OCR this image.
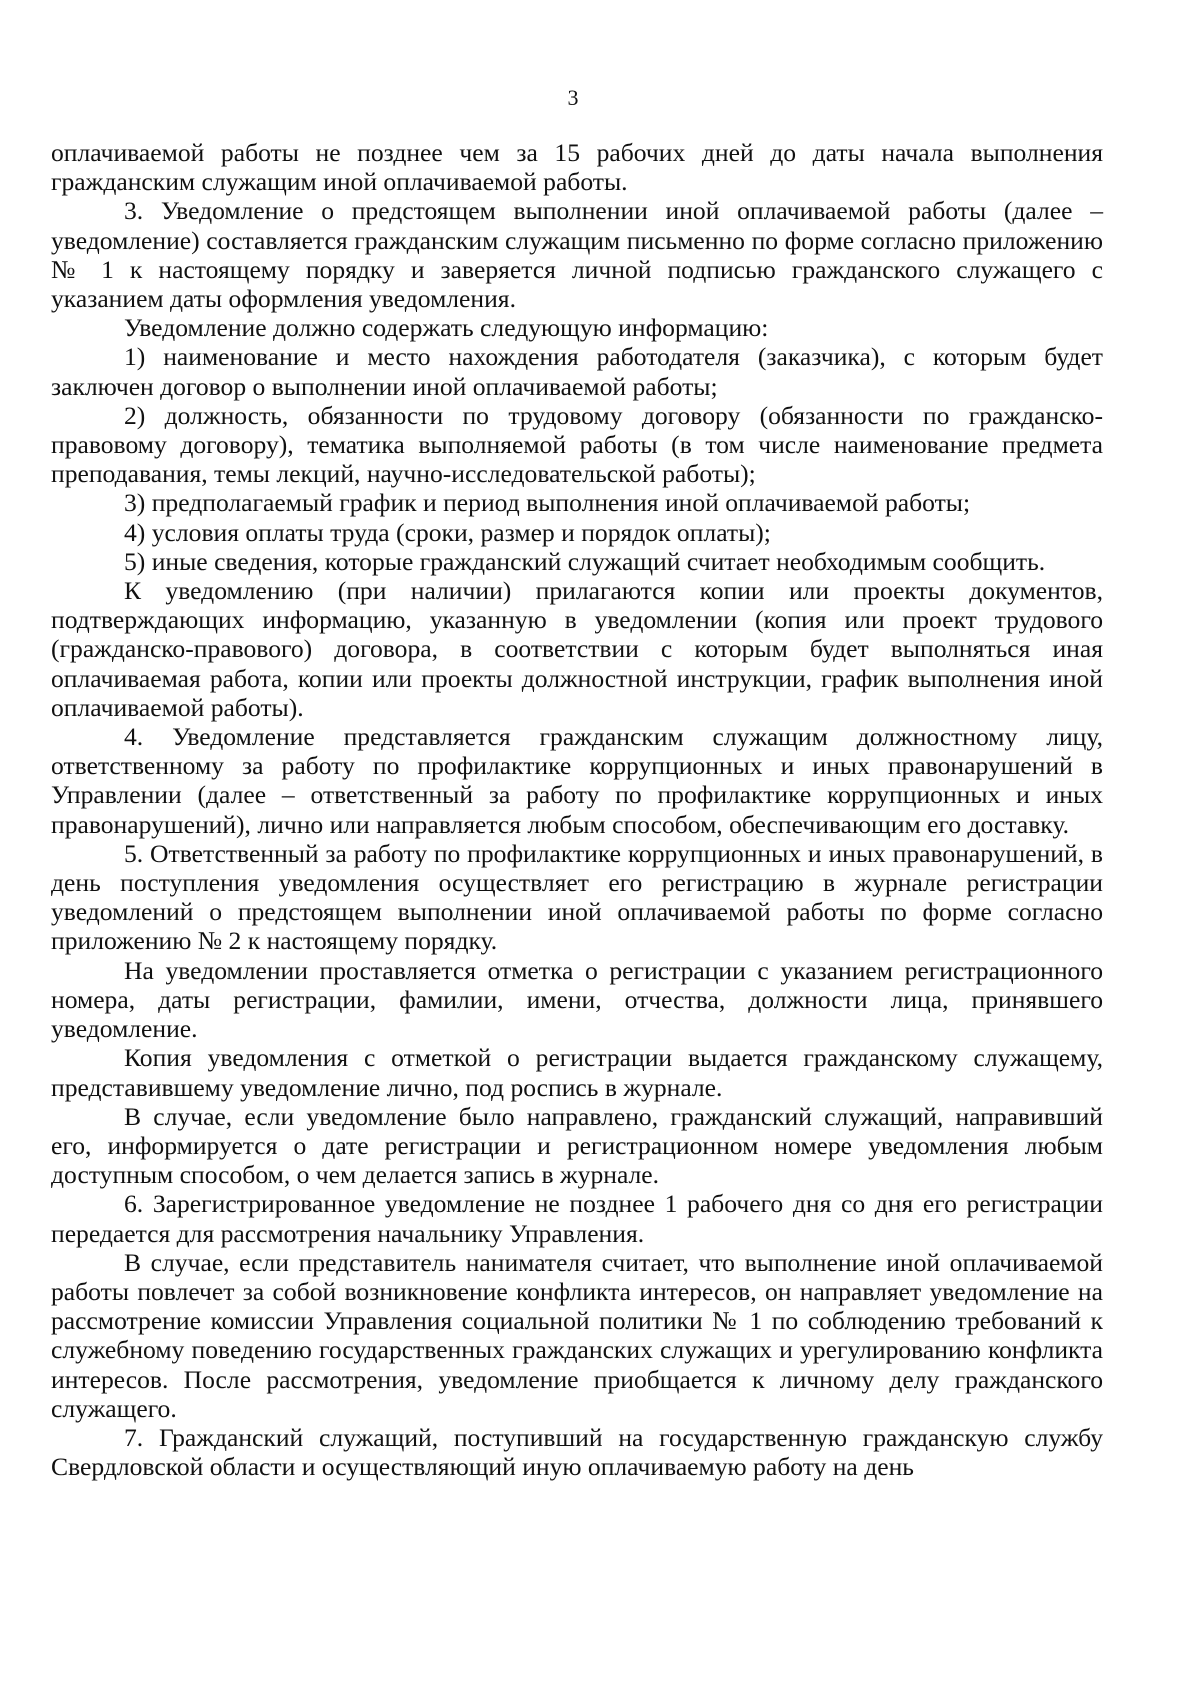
3

оплачиваемой работы не позднее чем за 15 рабочих дней до даты начала выполнения гражданским служащим иной оплачиваемой работы.

3. Уведомление о предстоящем выполнении иной оплачиваемой работы (далее – уведомление) составляется гражданским служащим письменно по форме согласно приложению № 1 к настоящему порядку и заверяется личной подписью гражданского служащего с указанием даты оформления уведомления.

Уведомление должно содержать следующую информацию:

1) наименование и место нахождения работодателя (заказчика), с которым будет заключен договор о выполнении иной оплачиваемой работы;

2) должность, обязанности по трудовому договору (обязанности по гражданско-правовому договору), тематика выполняемой работы (в том числе наименование предмета преподавания, темы лекций, научно-исследовательской работы);

3) предполагаемый график и период выполнения иной оплачиваемой работы;

4) условия оплаты труда (сроки, размер и порядок оплаты);

5) иные сведения, которые гражданский служащий считает необходимым сообщить.

К уведомлению (при наличии) прилагаются копии или проекты документов, подтверждающих информацию, указанную в уведомлении (копия или проект трудового (гражданско-правового) договора, в соответствии с которым будет выполняться иная оплачиваемая работа, копии или проекты должностной инструкции, график выполнения иной оплачиваемой работы).

4. Уведомление представляется гражданским служащим должностному лицу, ответственному за работу по профилактике коррупционных и иных правонарушений в Управлении (далее – ответственный за работу по профилактике коррупционных и иных правонарушений), лично или направляется любым способом, обеспечивающим его доставку.

5. Ответственный за работу по профилактике коррупционных и иных правонарушений, в день поступления уведомления осуществляет его регистрацию в журнале регистрации уведомлений о предстоящем выполнении иной оплачиваемой работы по форме согласно приложению № 2 к настоящему порядку.

На уведомлении проставляется отметка о регистрации с указанием регистрационного номера, даты регистрации, фамилии, имени, отчества, должности лица, принявшего уведомление.

Копия уведомления с отметкой о регистрации выдается гражданскому служащему, представившему уведомление лично, под роспись в журнале.

В случае, если уведомление было направлено, гражданский служащий, направивший его, информируется о дате регистрации и регистрационном номере уведомления любым доступным способом, о чем делается запись в журнале.

6. Зарегистрированное уведомление не позднее 1 рабочего дня со дня его регистрации передается для рассмотрения начальнику Управления.

В случае, если представитель нанимателя считает, что выполнение иной оплачиваемой работы повлечет за собой возникновение конфликта интересов, он направляет уведомление на рассмотрение комиссии Управления социальной политики № 1 по соблюдению требований к служебному поведению государственных гражданских служащих и урегулированию конфликта интересов. После рассмотрения, уведомление приобщается к личному делу гражданского служащего.

7. Гражданский служащий, поступивший на государственную гражданскую службу Свердловской области и осуществляющий иную оплачиваемую работу на день
